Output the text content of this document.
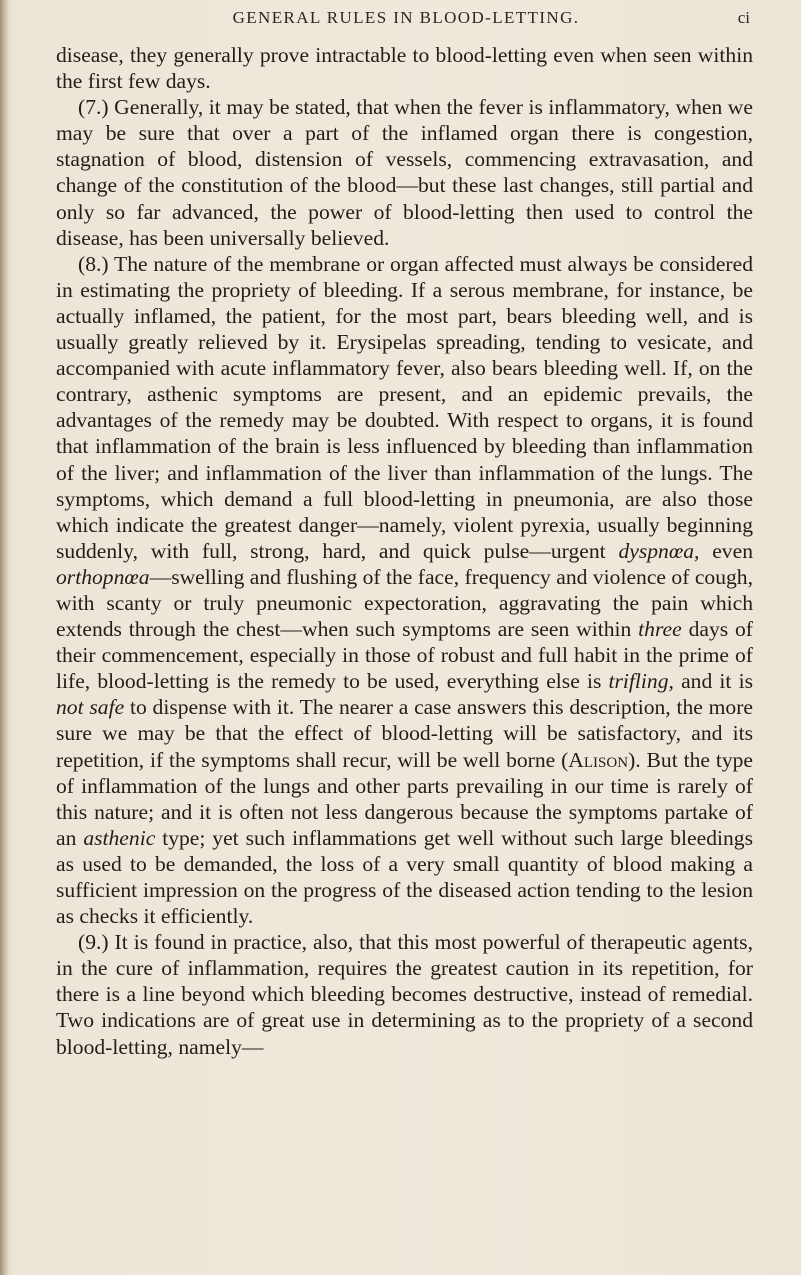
GENERAL RULES IN BLOOD-LETTING.	ci

disease, they generally prove intractable to blood-letting even when seen within the first few days.

(7.) Generally, it may be stated, that when the fever is inflammatory, when we may be sure that over a part of the inflamed organ there is congestion, stagnation of blood, distension of vessels, commencing extravasation, and change of the constitution of the blood—but these last changes, still partial and only so far advanced, the power of blood-letting then used to control the disease, has been universally believed.

(8.) The nature of the membrane or organ affected must always be considered in estimating the propriety of bleeding. If a serous membrane, for instance, be actually inflamed, the patient, for the most part, bears bleeding well, and is usually greatly relieved by it. Erysipelas spreading, tending to vesicate, and accompanied with acute inflammatory fever, also bears bleeding well. If, on the contrary, asthenic symptoms are present, and an epidemic prevails, the advantages of the remedy may be doubted. With respect to organs, it is found that inflammation of the brain is less influenced by bleeding than inflammation of the liver; and inflammation of the liver than inflammation of the lungs. The symptoms, which demand a full blood-letting in pneumonia, are also those which indicate the greatest danger—namely, violent pyrexia, usually beginning suddenly, with full, strong, hard, and quick pulse—urgent dyspnœa, even orthopnœa—swelling and flushing of the face, frequency and violence of cough, with scanty or truly pneumonic expectoration, aggravating the pain which extends through the chest—when such symptoms are seen within three days of their commencement, especially in those of robust and full habit in the prime of life, blood-letting is the remedy to be used, everything else is trifling, and it is not safe to dispense with it. The nearer a case answers this description, the more sure we may be that the effect of blood-letting will be satisfactory, and its repetition, if the symptoms shall recur, will be well borne (Alison). But the type of inflammation of the lungs and other parts prevailing in our time is rarely of this nature; and it is often not less dangerous because the symptoms partake of an asthenic type; yet such inflammations get well without such large bleedings as used to be demanded, the loss of a very small quantity of blood making a sufficient impression on the progress of the diseased action tending to the lesion as checks it efficiently.

(9.) It is found in practice, also, that this most powerful of therapeutic agents, in the cure of inflammation, requires the greatest caution in its repetition, for there is a line beyond which bleeding becomes destructive, instead of remedial. Two indications are of great use in determining as to the propriety of a second blood-letting, namely—
